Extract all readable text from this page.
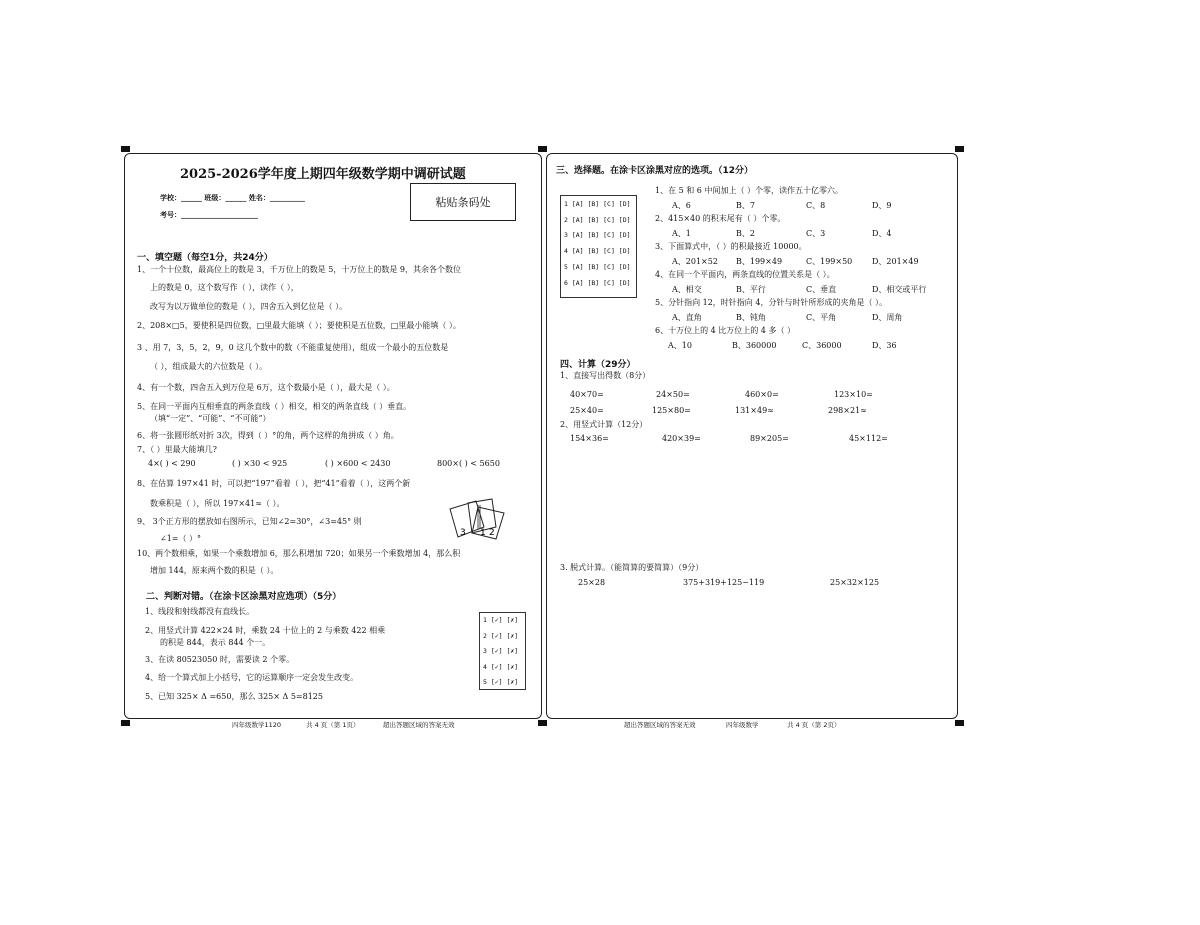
2025-2026学年度上期四年级数学期中调研试题
学校：______ 班级：______ 姓名：__________
考号：______________________
粘贴条码处
一、填空题（每空1分，共24分）
1、一个十位数，最高位上的数是 3，千万位上的数是 5，十万位上的数是 9，其余各个数位
上的数是 0，这个数写作（ ），读作（ ），
改写为以万做单位的数是（ ），四舍五入到亿位是（ ）。
2、208×□5，要使积是四位数，□里最大能填（ ）；要使积是五位数，□里最小能填（ ）。
3 、用 7，3，5，2，9，0 这几个数中的数（不能重复使用），组成一个最小的五位数是
（ ），组成最大的六位数是（ ）。
4、有一个数，四舍五入到万位是 6万，这个数最小是（ ），最大是（ ）。
5、在同一平面内互相垂直的两条直线（ ）相交，相交的两条直线（ ）垂直。
（填“一定”、“可能”、“不可能”）
6、将一张圆形纸对折 3次，得到（ ）°的角，两个这样的角拼成（ ）角。
7、（ ）里最大能填几?
4×( ) < 290	( ) ×30 < 925	( ) ×600 < 2430	800×( ) < 5650
8、在估算 197×41 时，可以把“197”看着（ ），把“41”看着（ ），这两个新
数乘积是（ ），所以 197×41≈（ ）。
9、 3个正方形的摆放如右图所示，已知∠2=30°，∠3=45° 则
∠1=（ ）°
3 1 2
10、两个数相乘，如果一个乘数增加 6，那么积增加 720；如果另一个乘数增加 4，那么积
增加 144，原来两个数的积是（ ）。
二、判断对错。（在涂卡区涂黑对应选项）（5分）
1、线段和射线都没有直线长。
2、用竖式计算 422×24 时，乘数 24 十位上的 2 与乘数 422 相乘
的积是 844，表示 844 个一。
3、在读 80523050 时，需要读 2 个零。
4、给一个算式加上小括号，它的运算顺序一定会发生改变。
5、已知 325× Δ =650，那么 325× Δ 5=8125
1 [✓] [✗]
2 [✓] [✗]
3 [✓] [✗]
4 [✓] [✗]
5 [✓] [✗]
四年级数学1120	共 4 页（第 1页）	超出答题区域的答案无效
三、选择题。在涂卡区涂黑对应的选项。（12分）
1 [A] [B] [C] [D]
2 [A] [B] [C] [D]
3 [A] [B] [C] [D]
4 [A] [B] [C] [D]
5 [A] [B] [C] [D]
6 [A] [B] [C] [D]
1、在 5 和 6 中间加上（ ）个零，读作五十亿零六。
A、6	B、7	C、8	D、9
2、415×40 的积末尾有（ ）个零。
A、1	B、2	C、3	D、4
3、下面算式中，（ ）的积最接近 10000。
A、201×52 B、199×49	C、199×50 D、201×49
4、在同一个平面内，两条直线的位置关系是（ ）。
A、相交	B、平行	C、垂直	D、相交或平行
5、分针指向 12，时针指向 4，分针与时针所形成的夹角是（ ）。
A、直角	B、钝角	C、平角	D、周角
6、十万位上的 4 比万位上的 4 多（ ）
A、10	B、360000	C、36000	D、36
四、计算（29分）
1、直接写出得数（8分）
40×70=	24×50=	460×0=	123×10=
25×40=	125×80=	131×49≈	298×21≈
2、用竖式计算（12分）
154×36=	420×39=	89×205=	45×112=
3. 脱式计算。（能简算的要简算）（9分）
25×28	375+319+125−119	25×32×125
超出答题区域的答案无效	四年级数学	共 4 页（第 2页）
